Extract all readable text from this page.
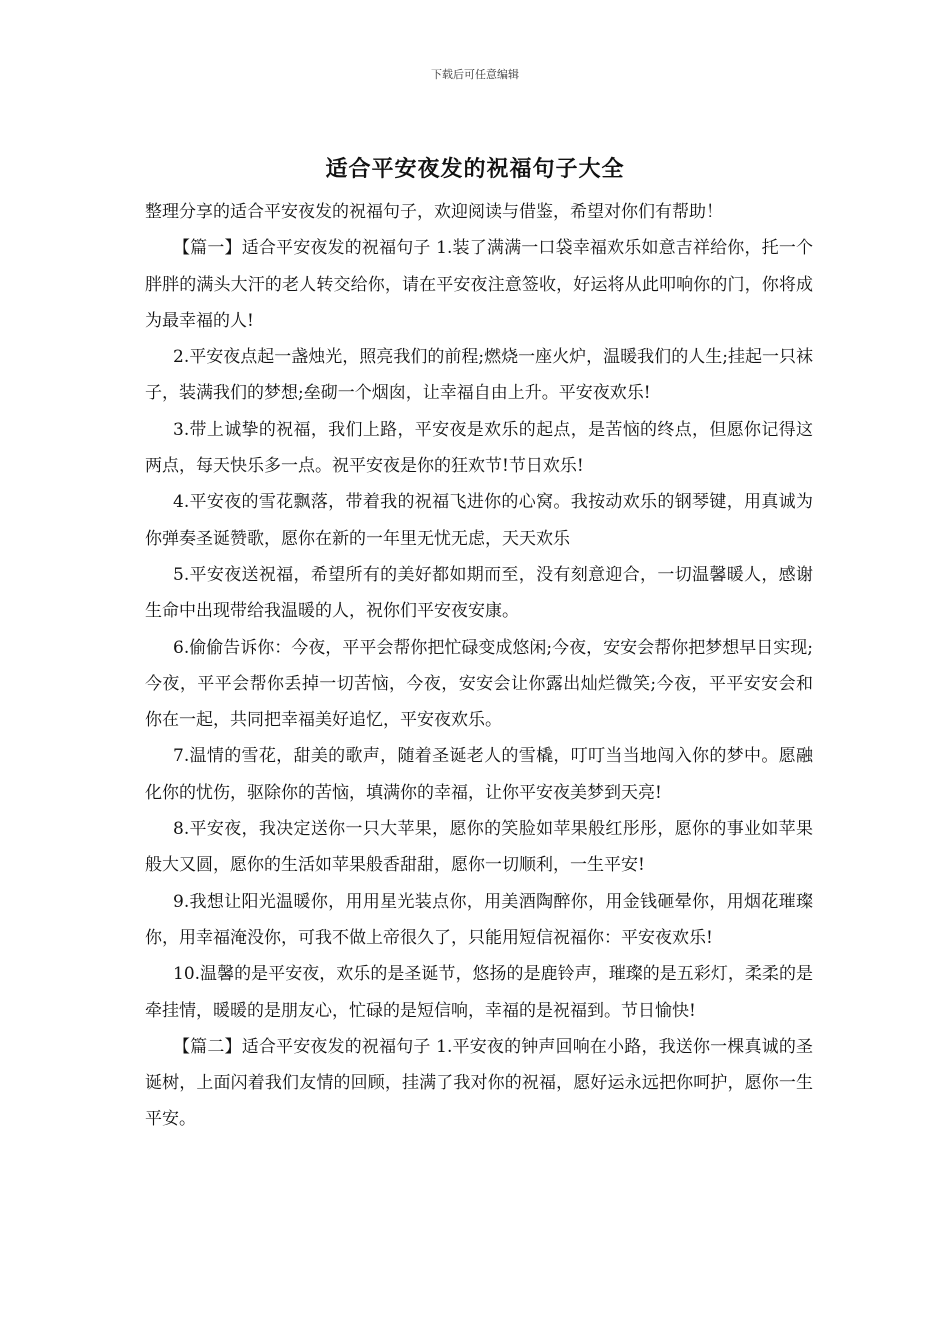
下载后可任意编辑
适合平安夜发的祝福句子大全

整理分享的适合平安夜发的祝福句子，欢迎阅读与借鉴，希望对你们有帮助！

【篇一】适合平安夜发的祝福句子 1.装了满满一口袋幸福欢乐如意吉祥给你，托一个胖胖的满头大汗的老人转交给你，请在平安夜注意签收，好运将从此叩响你的门，你将成为最幸福的人!

2.平安夜点起一盏烛光，照亮我们的前程;燃烧一座火炉，温暖我们的人生;挂起一只袜子，装满我们的梦想;垒砌一个烟囱，让幸福自由上升。平安夜欢乐!

3.带上诚挚的祝福，我们上路，平安夜是欢乐的起点，是苦恼的终点，但愿你记得这两点，每天快乐多一点。祝平安夜是你的狂欢节!节日欢乐!

4.平安夜的雪花飘落，带着我的祝福飞进你的心窝。我按动欢乐的钢琴键，用真诚为你弹奏圣诞赞歌，愿你在新的一年里无忧无虑，天天欢乐

5.平安夜送祝福，希望所有的美好都如期而至，没有刻意迎合，一切温馨暖人，感谢生命中出现带给我温暖的人，祝你们平安夜安康。

6.偷偷告诉你：今夜，平平会帮你把忙碌变成悠闲;今夜，安安会帮你把梦想早日实现;今夜，平平会帮你丢掉一切苦恼，今夜，安安会让你露出灿烂微笑;今夜，平平安安会和你在一起，共同把幸福美好追忆，平安夜欢乐。

7.温情的雪花，甜美的歌声，随着圣诞老人的雪橇，叮叮当当地闯入你的梦中。愿融化你的忧伤，驱除你的苦恼，填满你的幸福，让你平安夜美梦到天亮!

8.平安夜，我决定送你一只大苹果，愿你的笑脸如苹果般红彤彤，愿你的事业如苹果般大又圆，愿你的生活如苹果般香甜甜，愿你一切顺利，一生平安!

9.我想让阳光温暖你，用用星光装点你，用美酒陶醉你，用金钱砸晕你，用烟花璀璨你，用幸福淹没你，可我不做上帝很久了，只能用短信祝福你：平安夜欢乐!

10.温馨的是平安夜，欢乐的是圣诞节，悠扬的是鹿铃声，璀璨的是五彩灯，柔柔的是牵挂情，暖暖的是朋友心，忙碌的是短信响，幸福的是祝福到。节日愉快!

【篇二】适合平安夜发的祝福句子 1.平安夜的钟声回响在小路，我送你一棵真诚的圣诞树，上面闪着我们友情的回顾，挂满了我对你的祝福，愿好运永远把你呵护，愿你一生平安。
